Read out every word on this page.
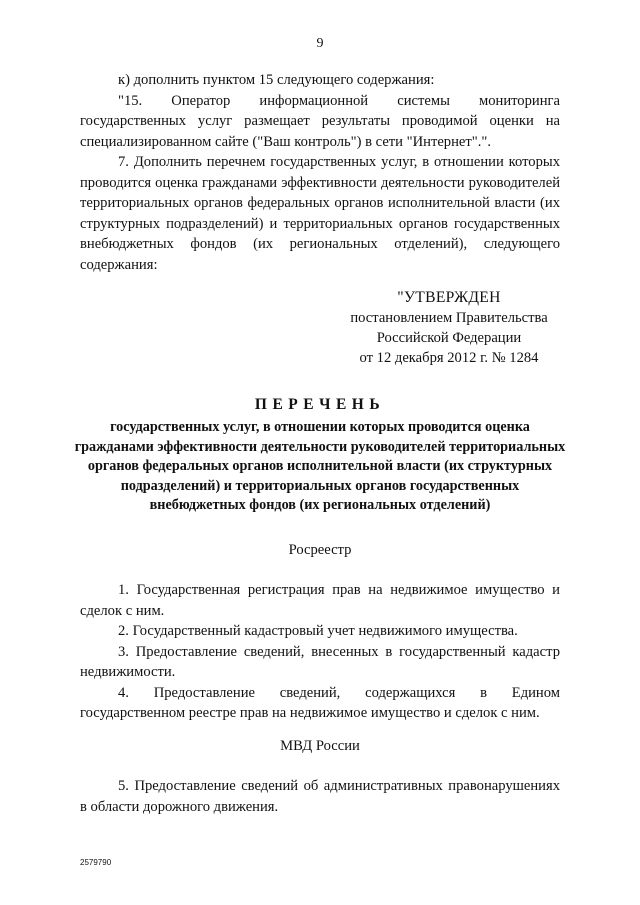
9

к) дополнить пунктом 15 следующего содержания:

"15. Оператор информационной системы мониторинга государственных услуг размещает результаты проводимой оценки на специализированном сайте ("Ваш контроль") в сети "Интернет".".

7. Дополнить перечнем государственных услуг, в отношении которых проводится оценка гражданами эффективности деятельности руководителей территориальных органов федеральных органов исполнительной власти (их структурных подразделений) и территориальных органов государственных внебюджетных фондов (их региональных отделений), следующего содержания:

"УТВЕРЖДЕН
постановлением Правительства
Российской Федерации
от 12 декабря 2012 г. № 1284
ПЕРЕЧЕНЬ
государственных услуг, в отношении которых проводится оценка гражданами эффективности деятельности руководителей территориальных органов федеральных органов исполнительной власти (их структурных подразделений) и территориальных органов государственных внебюджетных фондов (их региональных отделений)
Росреестр

1. Государственная регистрация прав на недвижимое имущество и сделок с ним.

2. Государственный кадастровый учет недвижимого имущества.

3. Предоставление сведений, внесенных в государственный кадастр недвижимости.

4. Предоставление сведений, содержащихся в Едином государственном реестре прав на недвижимое имущество и сделок с ним.

МВД России

5. Предоставление сведений об административных правонарушениях в области дорожного движения.

2579790
